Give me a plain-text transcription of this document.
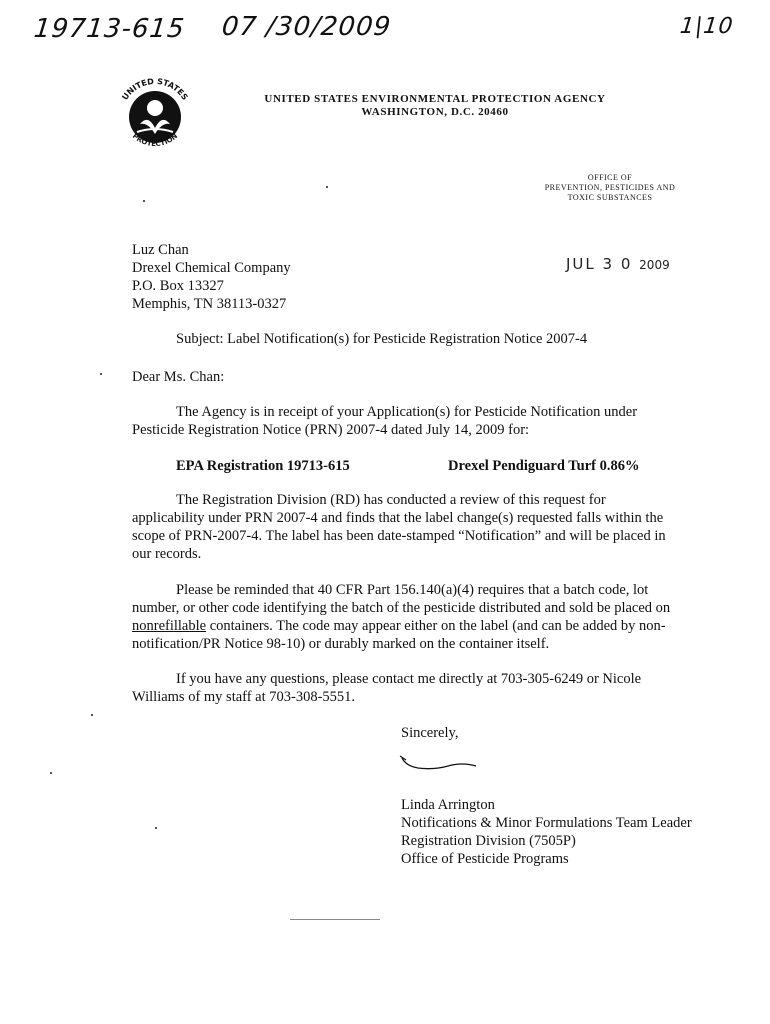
19713-615 07 /30/2009	1|10
UNITED STATES
PROTECTION
UNITED STATES ENVIRONMENTAL PROTECTION AGENCY
WASHINGTON, D.C. 20460
OFFICE OF
PREVENTION, PESTICIDES AND
TOXIC SUBSTANCES
Luz Chan
Drexel Chemical Company
P.O. Box 13327
Memphis, TN 38113-0327
JUL 3 0 2009
Subject: Label Notification(s) for Pesticide Registration Notice 2007-4
Dear Ms. Chan:
The Agency is in receipt of your Application(s) for Pesticide Notification under
Pesticide Registration Notice (PRN) 2007-4 dated July 14, 2009 for:
EPA Registration 19713-615	Drexel Pendiguard Turf 0.86%
The Registration Division (RD) has conducted a review of this request for
applicability under PRN 2007-4 and finds that the label change(s) requested falls within the
scope of PRN-2007-4. The label has been date-stamped “Notification” and will be placed in
our records.
Please be reminded that 40 CFR Part 156.140(a)(4) requires that a batch code, lot
number, or other code identifying the batch of the pesticide distributed and sold be placed on
nonrefillable containers. The code may appear either on the label (and can be added by non-
notification/PR Notice 98-10) or durably marked on the container itself.
If you have any questions, please contact me directly at 703-305-6249 or Nicole
Williams of my staff at 703-308-5551.
Sincerely,
Linda Arrington
Notifications & Minor Formulations Team Leader
Registration Division (7505P)
Office of Pesticide Programs
